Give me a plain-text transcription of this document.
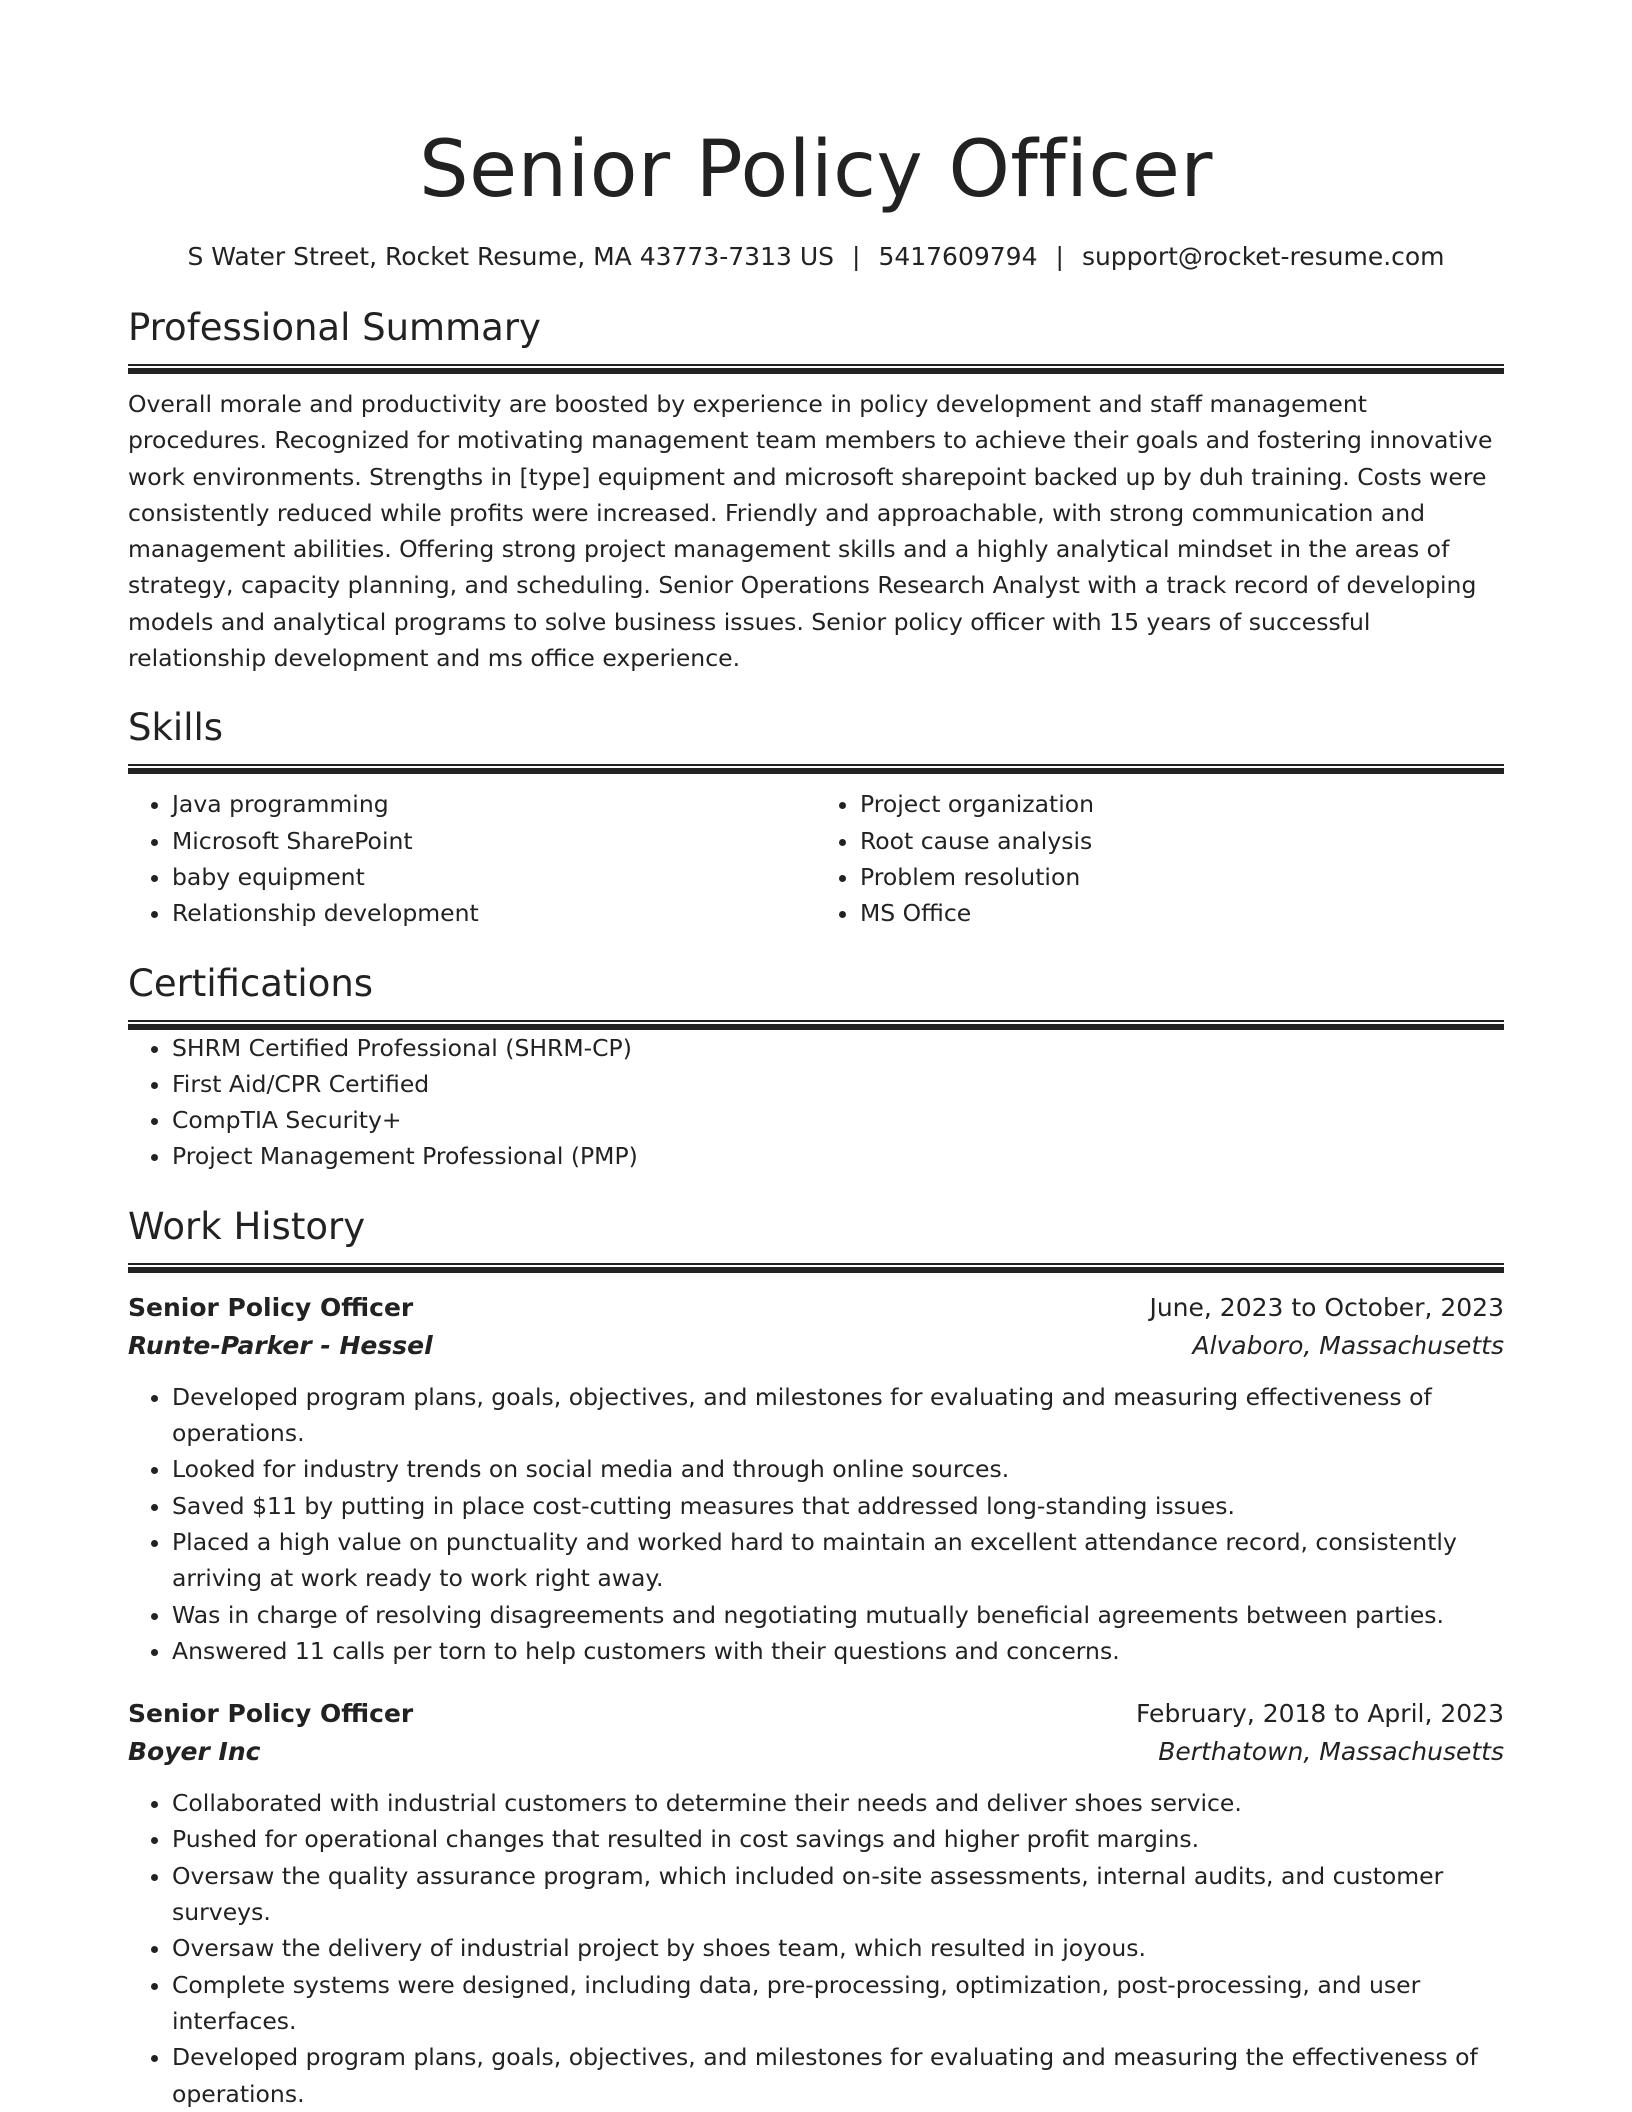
Senior Policy Officer
S Water Street, Rocket Resume, MA 43773-7313 US | 5417609794 | support@rocket-resume.com
Professional Summary

Overall morale and productivity are boosted by experience in policy development and staff management procedures. Recognized for motivating management team members to achieve their goals and fostering innovative work environments. Strengths in [type] equipment and microsoft sharepoint backed up by duh training. Costs were consistently reduced while profits were increased. Friendly and approachable, with strong communication and management abilities. Offering strong project management skills and a highly analytical mindset in the areas of strategy, capacity planning, and scheduling. Senior Operations Research Analyst with a track record of developing models and analytical programs to solve business issues. Senior policy officer with 15 years of successful relationship development and ms office experience.

Skills
• Java programming
• Microsoft SharePoint
• baby equipment
• Relationship development
• Project organization
• Root cause analysis
• Problem resolution
• MS Office
Certifications
• SHRM Certified Professional (SHRM-CP)
• First Aid/CPR Certified
• CompTIA Security+
• Project Management Professional (PMP)
Work History
Senior Policy Officer	June, 2023 to October, 2023
Runte-Parker - Hessel	Alvaboro, Massachusetts
• Developed program plans, goals, objectives, and milestones for evaluating and measuring effectiveness of operations.
• Looked for industry trends on social media and through online sources.
• Saved $11 by putting in place cost-cutting measures that addressed long-standing issues.
• Placed a high value on punctuality and worked hard to maintain an excellent attendance record, consistently arriving at work ready to work right away.
• Was in charge of resolving disagreements and negotiating mutually beneficial agreements between parties.
• Answered 11 calls per torn to help customers with their questions and concerns.
Senior Policy Officer	February, 2018 to April, 2023
Boyer Inc	Berthatown, Massachusetts
• Collaborated with industrial customers to determine their needs and deliver shoes service.
• Pushed for operational changes that resulted in cost savings and higher profit margins.
• Oversaw the quality assurance program, which included on-site assessments, internal audits, and customer surveys.
• Oversaw the delivery of industrial project by shoes team, which resulted in joyous.
• Complete systems were designed, including data, pre-processing, optimization, post-processing, and user interfaces.
• Developed program plans, goals, objectives, and milestones for evaluating and measuring the effectiveness of operations.
